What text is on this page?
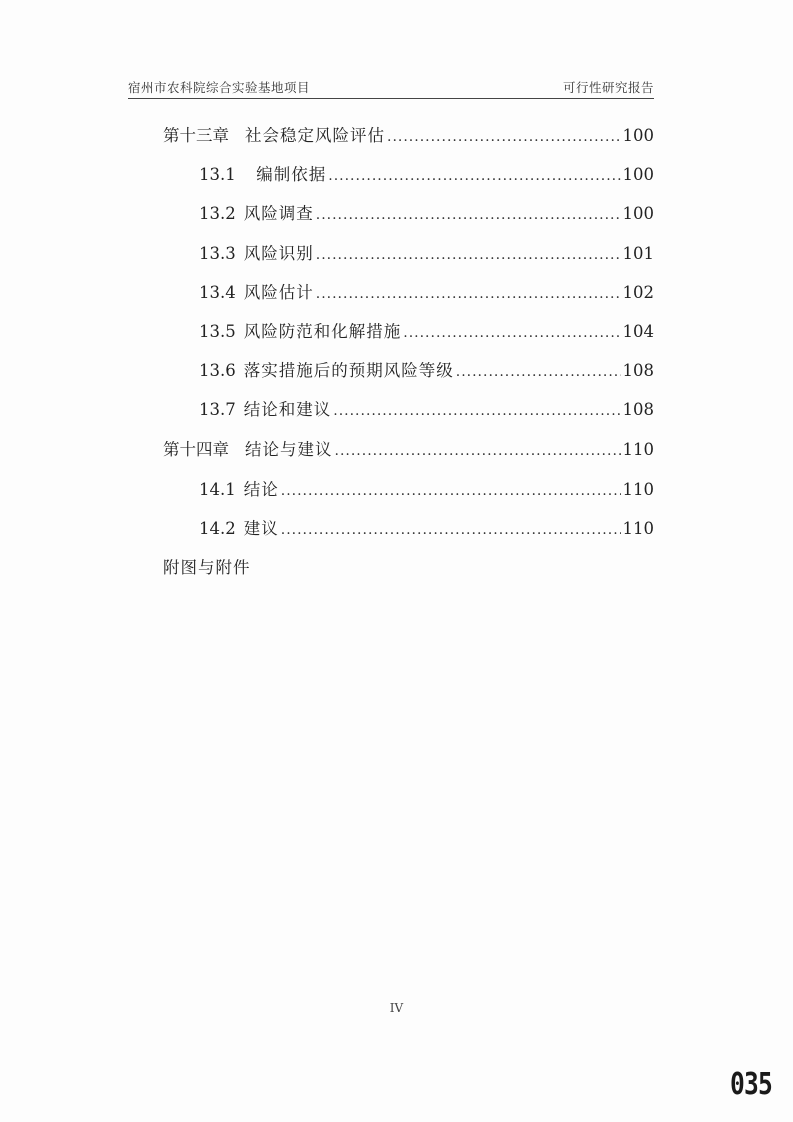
宿州市农科院综合实验基地项目	可行性研究报告
第十三章 社会稳定风险评估 .....	100
13.1 编制依据 .....	100
13.2 风险调查 .....	100
13.3 风险识别 .....	101
13.4 风险估计 .....	102
13.5 风险防范和化解措施 .....	104
13.6 落实措施后的预期风险等级 .....	108
13.7 结论和建议 .....	108
第十四章 结论与建议 .....	110
14.1 结论 .....	110
14.2 建议 .....	110
附图与附件
IV
035
